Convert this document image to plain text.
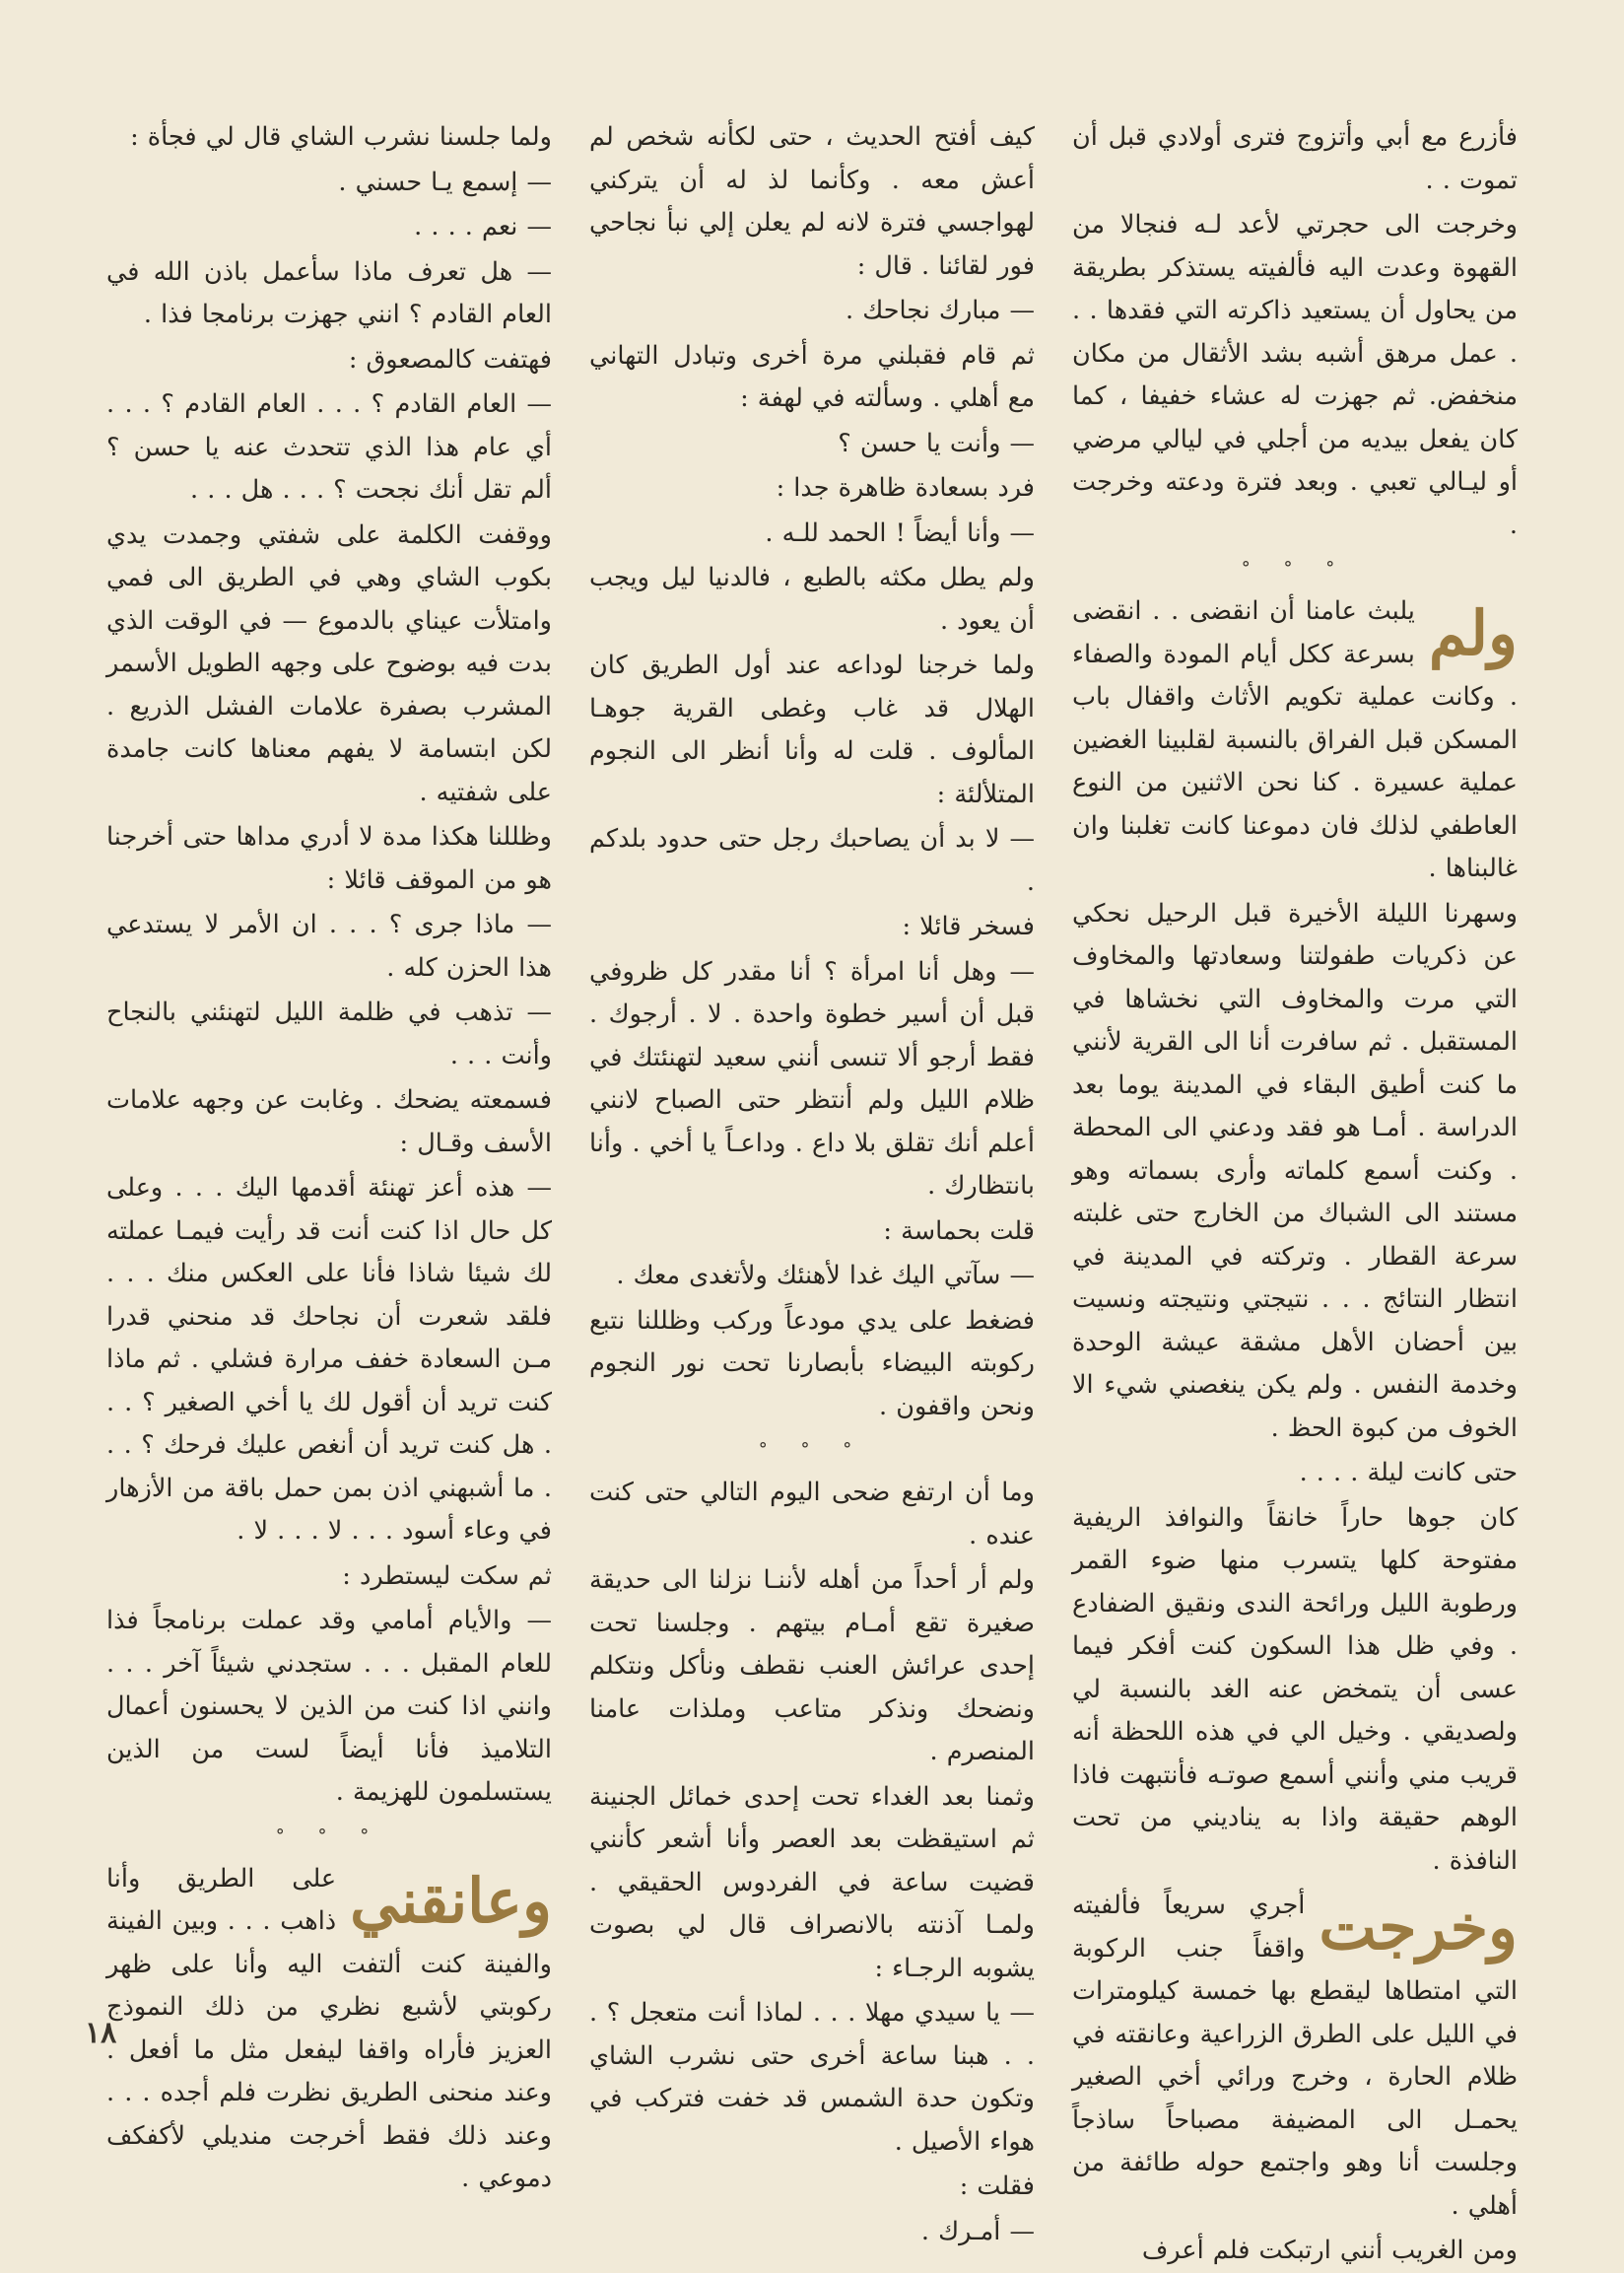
فأزرع مع أبي وأتزوج فترى أولادي قبل أن تموت . .

وخرجت الى حجرتي لأعد لـه فنجالا من القهوة وعدت اليه فألفيته يستذكر بطريقة من يحاول أن يستعيد ذاكرته التي فقدها . . . عمل مرهق أشبه بشد الأثقال من مكان منخفض. ثم جهزت له عشاء خفيفا ، كما كان يفعل بيديه من أجلي في ليالي مرضي أو ليـالي تعبي . وبعد فترة ودعته وخرجت .

° ° °

ولم
يلبث عامنا أن انقضى . . انقضى بسرعة ككل أيام المودة والصفاء . وكانت عملية تكويم الأثاث واقفال باب المسكن قبل الفراق بالنسبة لقلبينا الغضين عملية عسيرة . كنا نحن الاثنين من النوع العاطفي لذلك فان دموعنا كانت تغلبنا وان غالبناها .

وسهرنا الليلة الأخيرة قبل الرحيل نحكي عن ذكريات طفولتنا وسعادتها والمخاوف التي مرت والمخاوف التي نخشاها في المستقبل . ثم سافرت أنا الى القرية لأنني ما كنت أطيق البقاء في المدينة يوما بعد الدراسة . أمـا هو فقد ودعني الى المحطة . وكنت أسمع كلماته وأرى بسماته وهو مستند الى الشباك من الخارج حتى غلبته سرعة القطار . وتركته في المدينة في انتظار النتائج . . . نتيجتي ونتيجته ونسيت بين أحضان الأهل مشقة عيشة الوحدة وخدمة النفس . ولم يكن ينغصني شيء الا الخوف من كبوة الحظ .

حتى كانت ليلة . . . .

كان جوها حاراً خانقاً والنوافذ الريفية مفتوحة كلها يتسرب منها ضوء القمر ورطوبة الليل ورائحة الندى ونقيق الضفادع . وفي ظل هذا السكون كنت أفكر فيما عسى أن يتمخض عنه الغد بالنسبة لي ولصديقي . وخيل الي في هذه اللحظة أنه قريب مني وأنني أسمع صوتـه فأنتبهت فاذا الوهم حقيقة واذا به يناديني من تحت النافذة .

وخرجت
أجري سريعاً فألفيته واقفاً جنب الركوبة التي امتطاها ليقطع بها خمسة كيلومترات في الليل على الطرق الزراعية وعانقته في ظلام الحارة ، وخرج ورائي أخي الصغير يحمـل الى المضيفة مصباحاً ساذجاً وجلست أنا وهو واجتمع حوله طائفة من أهلي .

ومن الغريب أنني ارتبكت فلم أعرف

كيف أفتح الحديث ، حتى لكأنه شخص لم أعش معه . وكأنما لذ له أن يتركني لهواجسي فترة لانه لم يعلن إلي نبأ نجاحي فور لقائنا . قال :

— مبارك نجاحك .

ثم قام فقبلني مرة أخرى وتبادل التهاني مع أهلي . وسألته في لهفة :

— وأنت يا حسن ؟

فرد بسعادة ظاهرة جدا :

— وأنا أيضاً ! الحمد للـه .

ولم يطل مكثه بالطبع ، فالدنيا ليل ويجب أن يعود .

ولما خرجنا لوداعه عند أول الطريق كان الهلال قد غاب وغطى القرية جوهـا المألوف . قلت له وأنا أنظر الى النجوم المتلألئة :

— لا بد أن يصاحبك رجل حتى حدود بلدكم .

فسخر قائلا :

— وهل أنا امرأة ؟ أنا مقدر كل ظروفي قبل أن أسير خطوة واحدة . لا . أرجوك . فقط أرجو ألا تنسى أنني سعيد لتهنئتك في ظلام الليل ولم أنتظر حتى الصباح لانني أعلم أنك تقلق بلا داع . وداعـاً يا أخي . وأنا بانتظارك .

قلت بحماسة :

— سآتي اليك غدا لأهنئك ولأتغدى معك .

فضغط على يدي مودعاً وركب وظللنا نتبع ركوبته البيضاء بأبصارنا تحت نور النجوم ونحن واقفون .

° ° °

وما أن ارتفع ضحى اليوم التالي حتى كنت عنده .

ولم أر أحداً من أهله لأننـا نزلنا الى حديقة صغيرة تقع أمـام بيتهم . وجلسنا تحت إحدى عرائش العنب نقطف ونأكل ونتكلم ونضحك ونذكر متاعب وملذات عامنا المنصرم .

وثمنا بعد الغداء تحت إحدى خمائل الجنينة ثم استيقظت بعد العصر وأنا أشعر كأنني قضيت ساعة في الفردوس الحقيقي . ولمـا آذنته بالانصراف قال لي بصوت يشوبه الرجـاء :

— يا سيدي مهلا . . . لماذا أنت متعجل ؟ . . . هبنا ساعة أخرى حتى نشرب الشاي وتكون حدة الشمس قد خفت فتركب في هواء الأصيل .

فقلت :

— أمـرك .

ولما جلسنا نشرب الشاي قال لي فجأة :

— إسمع يـا حسني .

— نعم . . . .

— هل تعرف ماذا سأعمل باذن الله في العام القادم ؟ انني جهزت برنامجا فذا .

فهتفت كالمصعوق :

— العام القادم ؟ . . . العام القادم ؟ . . . أي عام هذا الذي تتحدث عنه يا حسن ؟ ألم تقل أنك نجحت ؟ . . . هل . . .

ووقفت الكلمة على شفتي وجمدت يدي بكوب الشاي وهي في الطريق الى فمي وامتلأت عيناي بالدموع — في الوقت الذي بدت فيه بوضوح على وجهه الطويل الأسمر المشرب بصفرة علامات الفشل الذريع . لكن ابتسامة لا يفهم معناها كانت جامدة على شفتيه .

وظللنا هكذا مدة لا أدري مداها حتى أخرجنا هو من الموقف قائلا :

— ماذا جرى ؟ . . . ان الأمر لا يستدعي هذا الحزن كله .

— تذهب في ظلمة الليل لتهنئني بالنجاح وأنت . . .

فسمعته يضحك . وغابت عن وجهه علامات الأسف وقـال :

— هذه أعز تهنئة أقدمها اليك . . . وعلى كل حال اذا كنت أنت قد رأيت فيمـا عملته لك شيئا شاذا فأنا على العكس منك . . . فلقد شعرت أن نجاحك قد منحني قدرا مـن السعادة خفف مرارة فشلي . ثم ماذا كنت تريد أن أقول لك يا أخي الصغير ؟ . . . هل كنت تريد أن أنغص عليك فرحك ؟ . . . ما أشبهني اذن بمن حمل باقة من الأزهار في وعاء أسود . . . لا . . . لا .

ثم سكت ليستطرد :

— والأيام أمامي وقد عملت برنامجاً فذا للعام المقبل . . . ستجدني شيئاً آخر . . . وانني اذا كنت من الذين لا يحسنون أعمال التلاميذ فأنا أيضاً لست من الذين يستسلمون للهزيمة .

° ° °

وعانقني
على الطريق وأنا ذاهب . . . وبين الفينة والفينة كنت ألتفت اليه وأنا على ظهر ركوبتي لأشبع نظري من ذلك النموذج العزيز فأراه واقفا ليفعل مثل ما أفعل . وعند منحنى الطريق نظرت فلم أجده . . . وعند ذلك فقط أخرجت منديلي لأكفكف دموعي .

١٨
